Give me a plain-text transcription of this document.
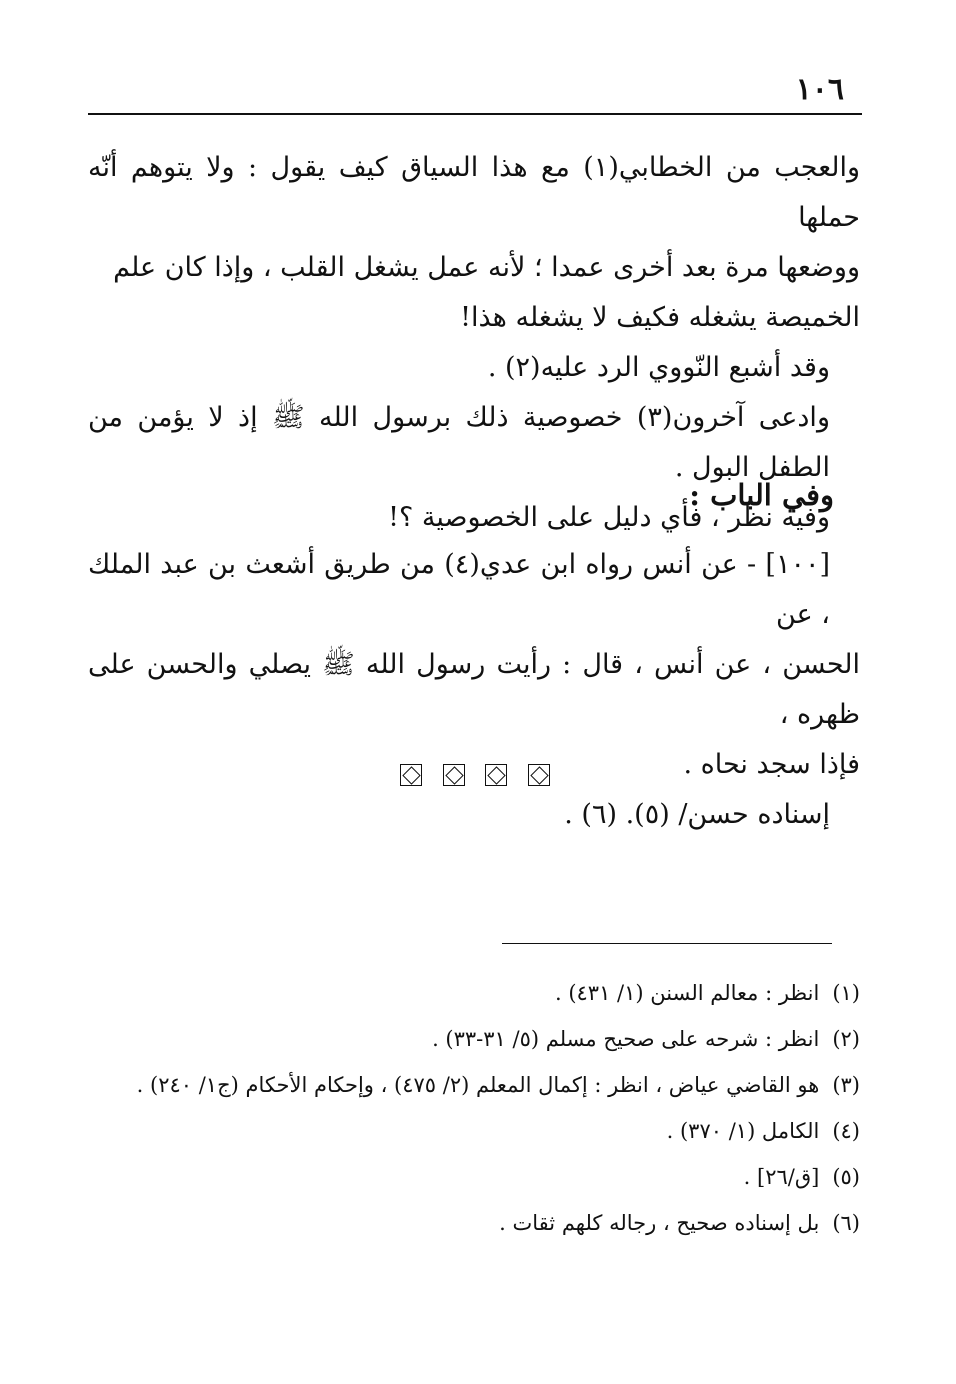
١٠٦

والعجب من الخطابي(١) مع هذا السياق كيف يقول : ولا يتوهم أنّه حملها

ووضعها مرة بعد أخرى عمدا ؛ لأنه عمل يشغل القلب ، وإذا كان علم

الخميصة يشغله فكيف لا يشغله هذا!

وقد أشبع النّووي الرد عليه(٢) .

وادعى آخرون(٣) خصوصية ذلك برسول الله ﷺ إذ لا يؤمن من الطفل البول .

وفيه نظر ، فأي دليل على الخصوصية ؟!

وفي الباب :

[١٠٠] - عن أنس رواه ابن عدي(٤) من طريق أشعث بن عبد الملك ، عن

الحسن ، عن أنس ، قال : رأيت رسول الله ﷺ يصلي والحسن على ظهره ،

فإذا سجد نحاه .

إسناده حسن/ (٥). (٦) .

(١) انظر : معالم السنن (١/ ٤٣١) .
(٢) انظر : شرحه على صحيح مسلم (٥/ ٣١-٣٣) .
(٣) هو القاضي عياض ، انظر : إكمال المعلم (٢/ ٤٧٥) ، وإحكام الأحكام (ج١/ ٢٤٠) .
(٤) الكامل (١/ ٣٧٠) .
(٥) [ق/٢٦] .
(٦) بل إسناده صحيح ، رجاله كلهم ثقات .
